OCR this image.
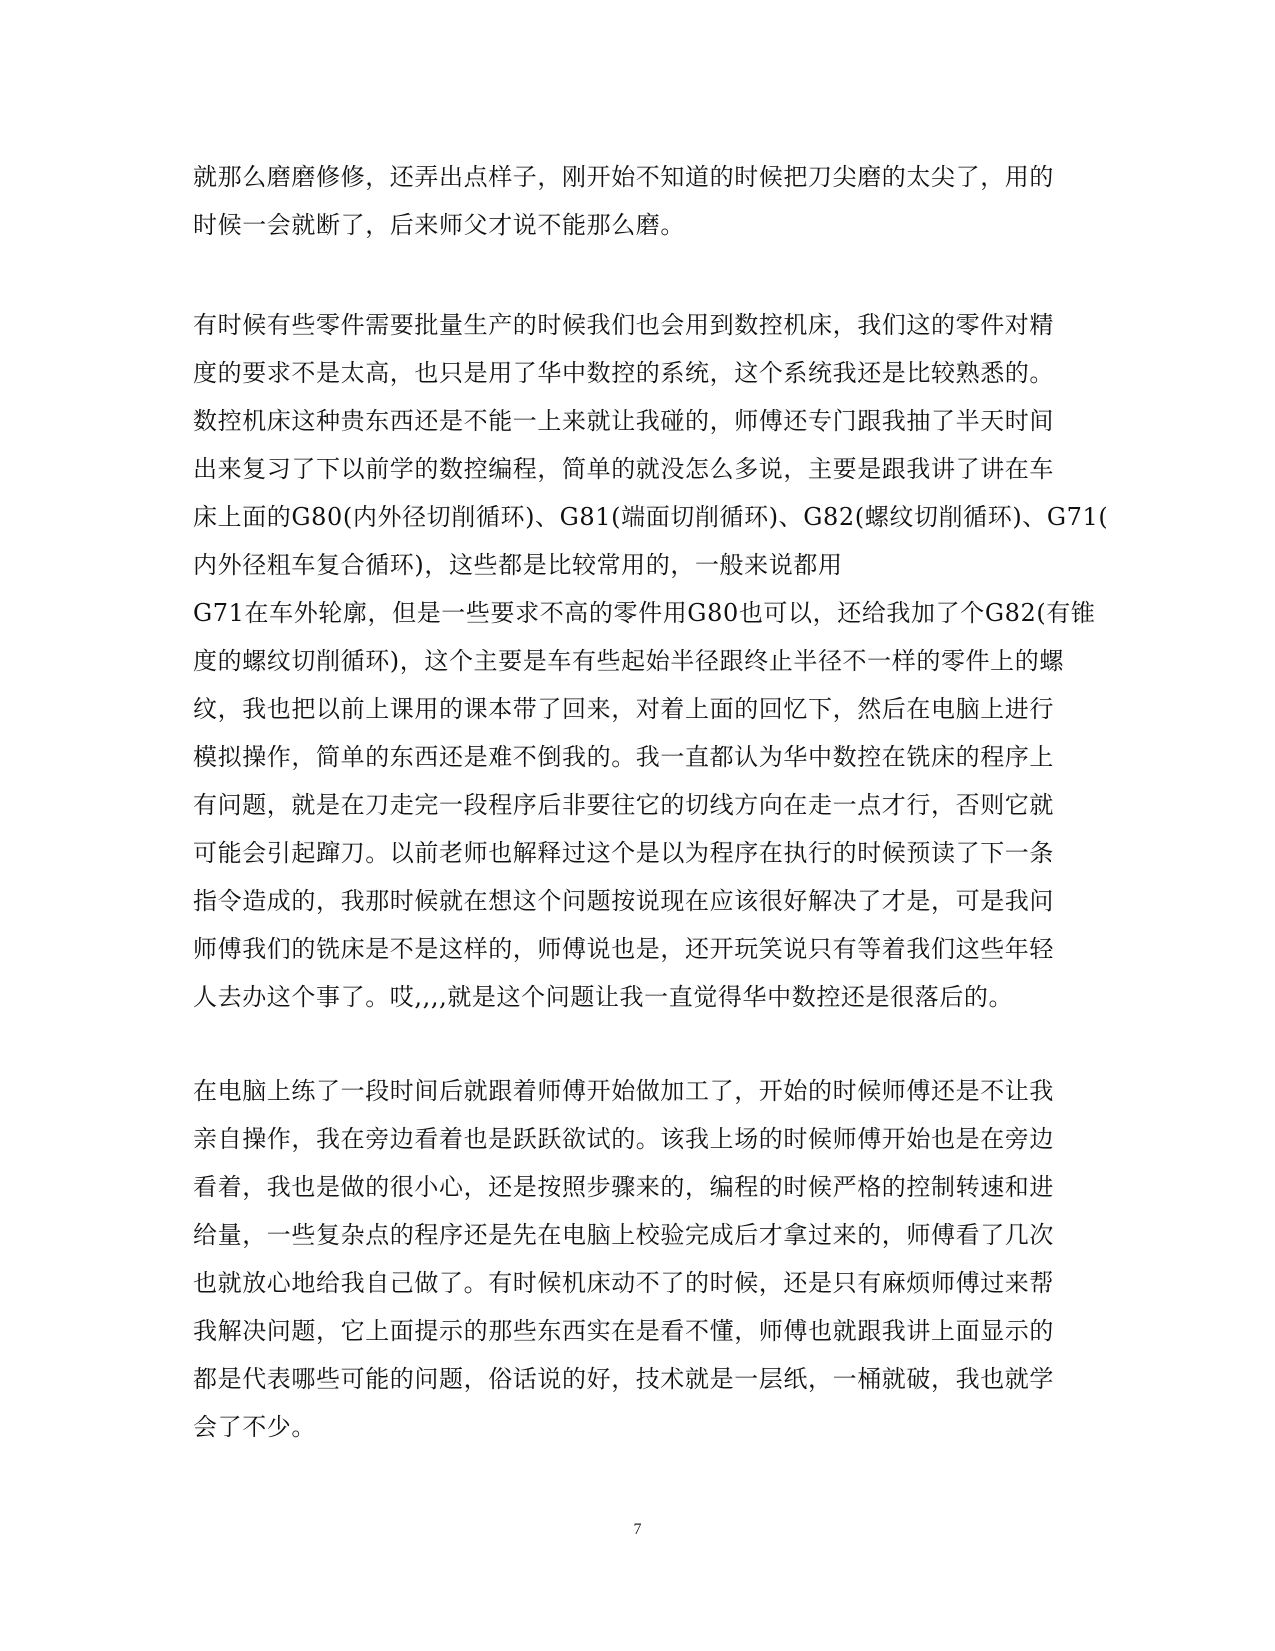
就那么磨磨修修，还弄出点样子，刚开始不知道的时候把刀尖磨的太尖了，用的
时候一会就断了，后来师父才说不能那么磨。
有时候有些零件需要批量生产的时候我们也会用到数控机床，我们这的零件对精
度的要求不是太高，也只是用了华中数控的系统，这个系统我还是比较熟悉的。
数控机床这种贵东西还是不能一上来就让我碰的，师傅还专门跟我抽了半天时间
出来复习了下以前学的数控编程，简单的就没怎么多说，主要是跟我讲了讲在车
床上面的G80(内外径切削循环)、G81(端面切削循环)、G82(螺纹切削循环)、G71(
内外径粗车复合循环)，这些都是比较常用的，一般来说都用
G71在车外轮廓，但是一些要求不高的零件用G80也可以，还给我加了个G82(有锥
度的螺纹切削循环)，这个主要是车有些起始半径跟终止半径不一样的零件上的螺
纹，我也把以前上课用的课本带了回来，对着上面的回忆下，然后在电脑上进行
模拟操作，简单的东西还是难不倒我的。我一直都认为华中数控在铣床的程序上
有问题，就是在刀走完一段程序后非要往它的切线方向在走一点才行，否则它就
可能会引起蹿刀。以前老师也解释过这个是以为程序在执行的时候预读了下一条
指令造成的，我那时候就在想这个问题按说现在应该很好解决了才是，可是我问
师傅我们的铣床是不是这样的，师傅说也是，还开玩笑说只有等着我们这些年轻
人去办这个事了。哎,,,,就是这个问题让我一直觉得华中数控还是很落后的。
在电脑上练了一段时间后就跟着师傅开始做加工了，开始的时候师傅还是不让我
亲自操作，我在旁边看着也是跃跃欲试的。该我上场的时候师傅开始也是在旁边
看着，我也是做的很小心，还是按照步骤来的，编程的时候严格的控制转速和进
给量，一些复杂点的程序还是先在电脑上校验完成后才拿过来的，师傅看了几次
也就放心地给我自己做了。有时候机床动不了的时候，还是只有麻烦师傅过来帮
我解决问题，它上面提示的那些东西实在是看不懂，师傅也就跟我讲上面显示的
都是代表哪些可能的问题，俗话说的好，技术就是一层纸，一桶就破，我也就学
会了不少。
7
